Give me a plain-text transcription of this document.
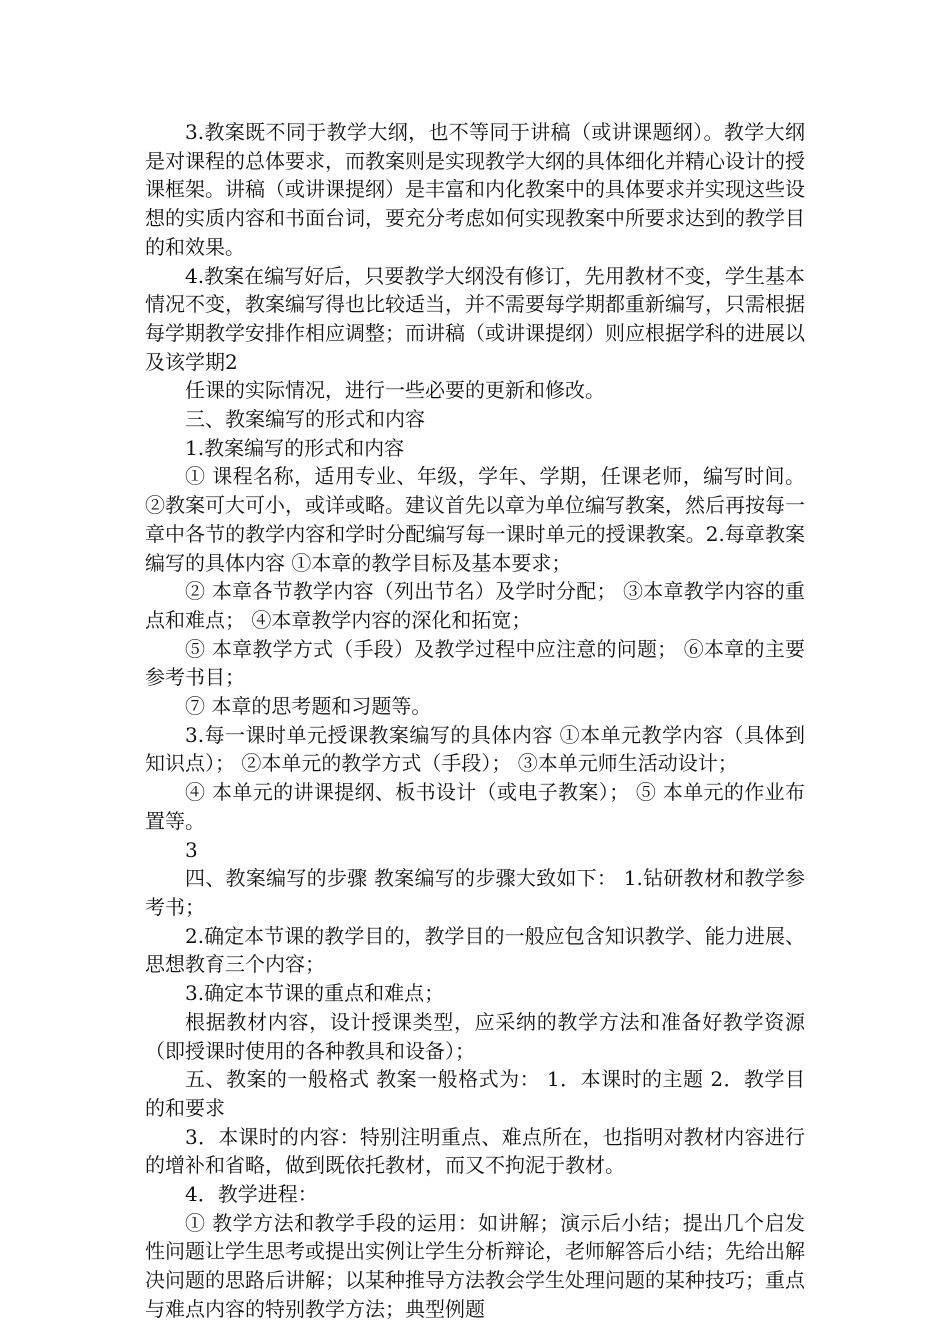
3.教案既不同于教学大纲，也不等同于讲稿（或讲课题纲）。教学大纲是对课程的总体要求，而教案则是实现教学大纲的具体细化并精心设计的授课框架。讲稿（或讲课提纲）是丰富和内化教案中的具体要求并实现这些设想的实质内容和书面台词，要充分考虑如何实现教案中所要求达到的教学目的和效果。

4.教案在编写好后，只要教学大纲没有修订，先用教材不变，学生基本情况不变，教案编写得也比较适当，并不需要每学期都重新编写，只需根据每学期教学安排作相应调整；而讲稿（或讲课提纲）则应根据学科的进展以及该学期2

任课的实际情况，进行一些必要的更新和修改。

三、教案编写的形式和内容

1.教案编写的形式和内容

① 课程名称，适用专业、年级，学年、学期，任课老师，编写时间。 ②教案可大可小，或详或略。建议首先以章为单位编写教案，然后再按每一章中各节的教学内容和学时分配编写每一课时单元的授课教案。2.每章教案编写的具体内容 ①本章的教学目标及基本要求；

② 本章各节教学内容（列出节名）及学时分配； ③本章教学内容的重点和难点； ④本章教学内容的深化和拓宽；

⑤ 本章教学方式（手段）及教学过程中应注意的问题； ⑥本章的主要参考书目；

⑦ 本章的思考题和习题等。

3.每一课时单元授课教案编写的具体内容 ①本单元教学内容（具体到知识点）； ②本单元的教学方式（手段）； ③本单元师生活动设计；

④ 本单元的讲课提纲、板书设计（或电子教案）； ⑤ 本单元的作业布置等。

3

四、教案编写的步骤 教案编写的步骤大致如下： 1.钻研教材和教学参考书；

2.确定本节课的教学目的，教学目的一般应包含知识教学、能力进展、思想教育三个内容；

3.确定本节课的重点和难点；

根据教材内容，设计授课类型，应采纳的教学方法和准备好教学资源（即授课时使用的各种教具和设备）；

五、教案的一般格式 教案一般格式为： 1．本课时的主题 2．教学目的和要求

3．本课时的内容：特别注明重点、难点所在，也指明对教材内容进行的增补和省略，做到既依托教材，而又不拘泥于教材。

4．教学进程：

① 教学方法和教学手段的运用：如讲解；演示后小结；提出几个启发性问题让学生思考或提出实例让学生分析辩论，老师解答后小结；先给出解决问题的思路后讲解；以某种推导方法教会学生处理问题的某种技巧；重点与难点内容的特别教学方法；典型例题
